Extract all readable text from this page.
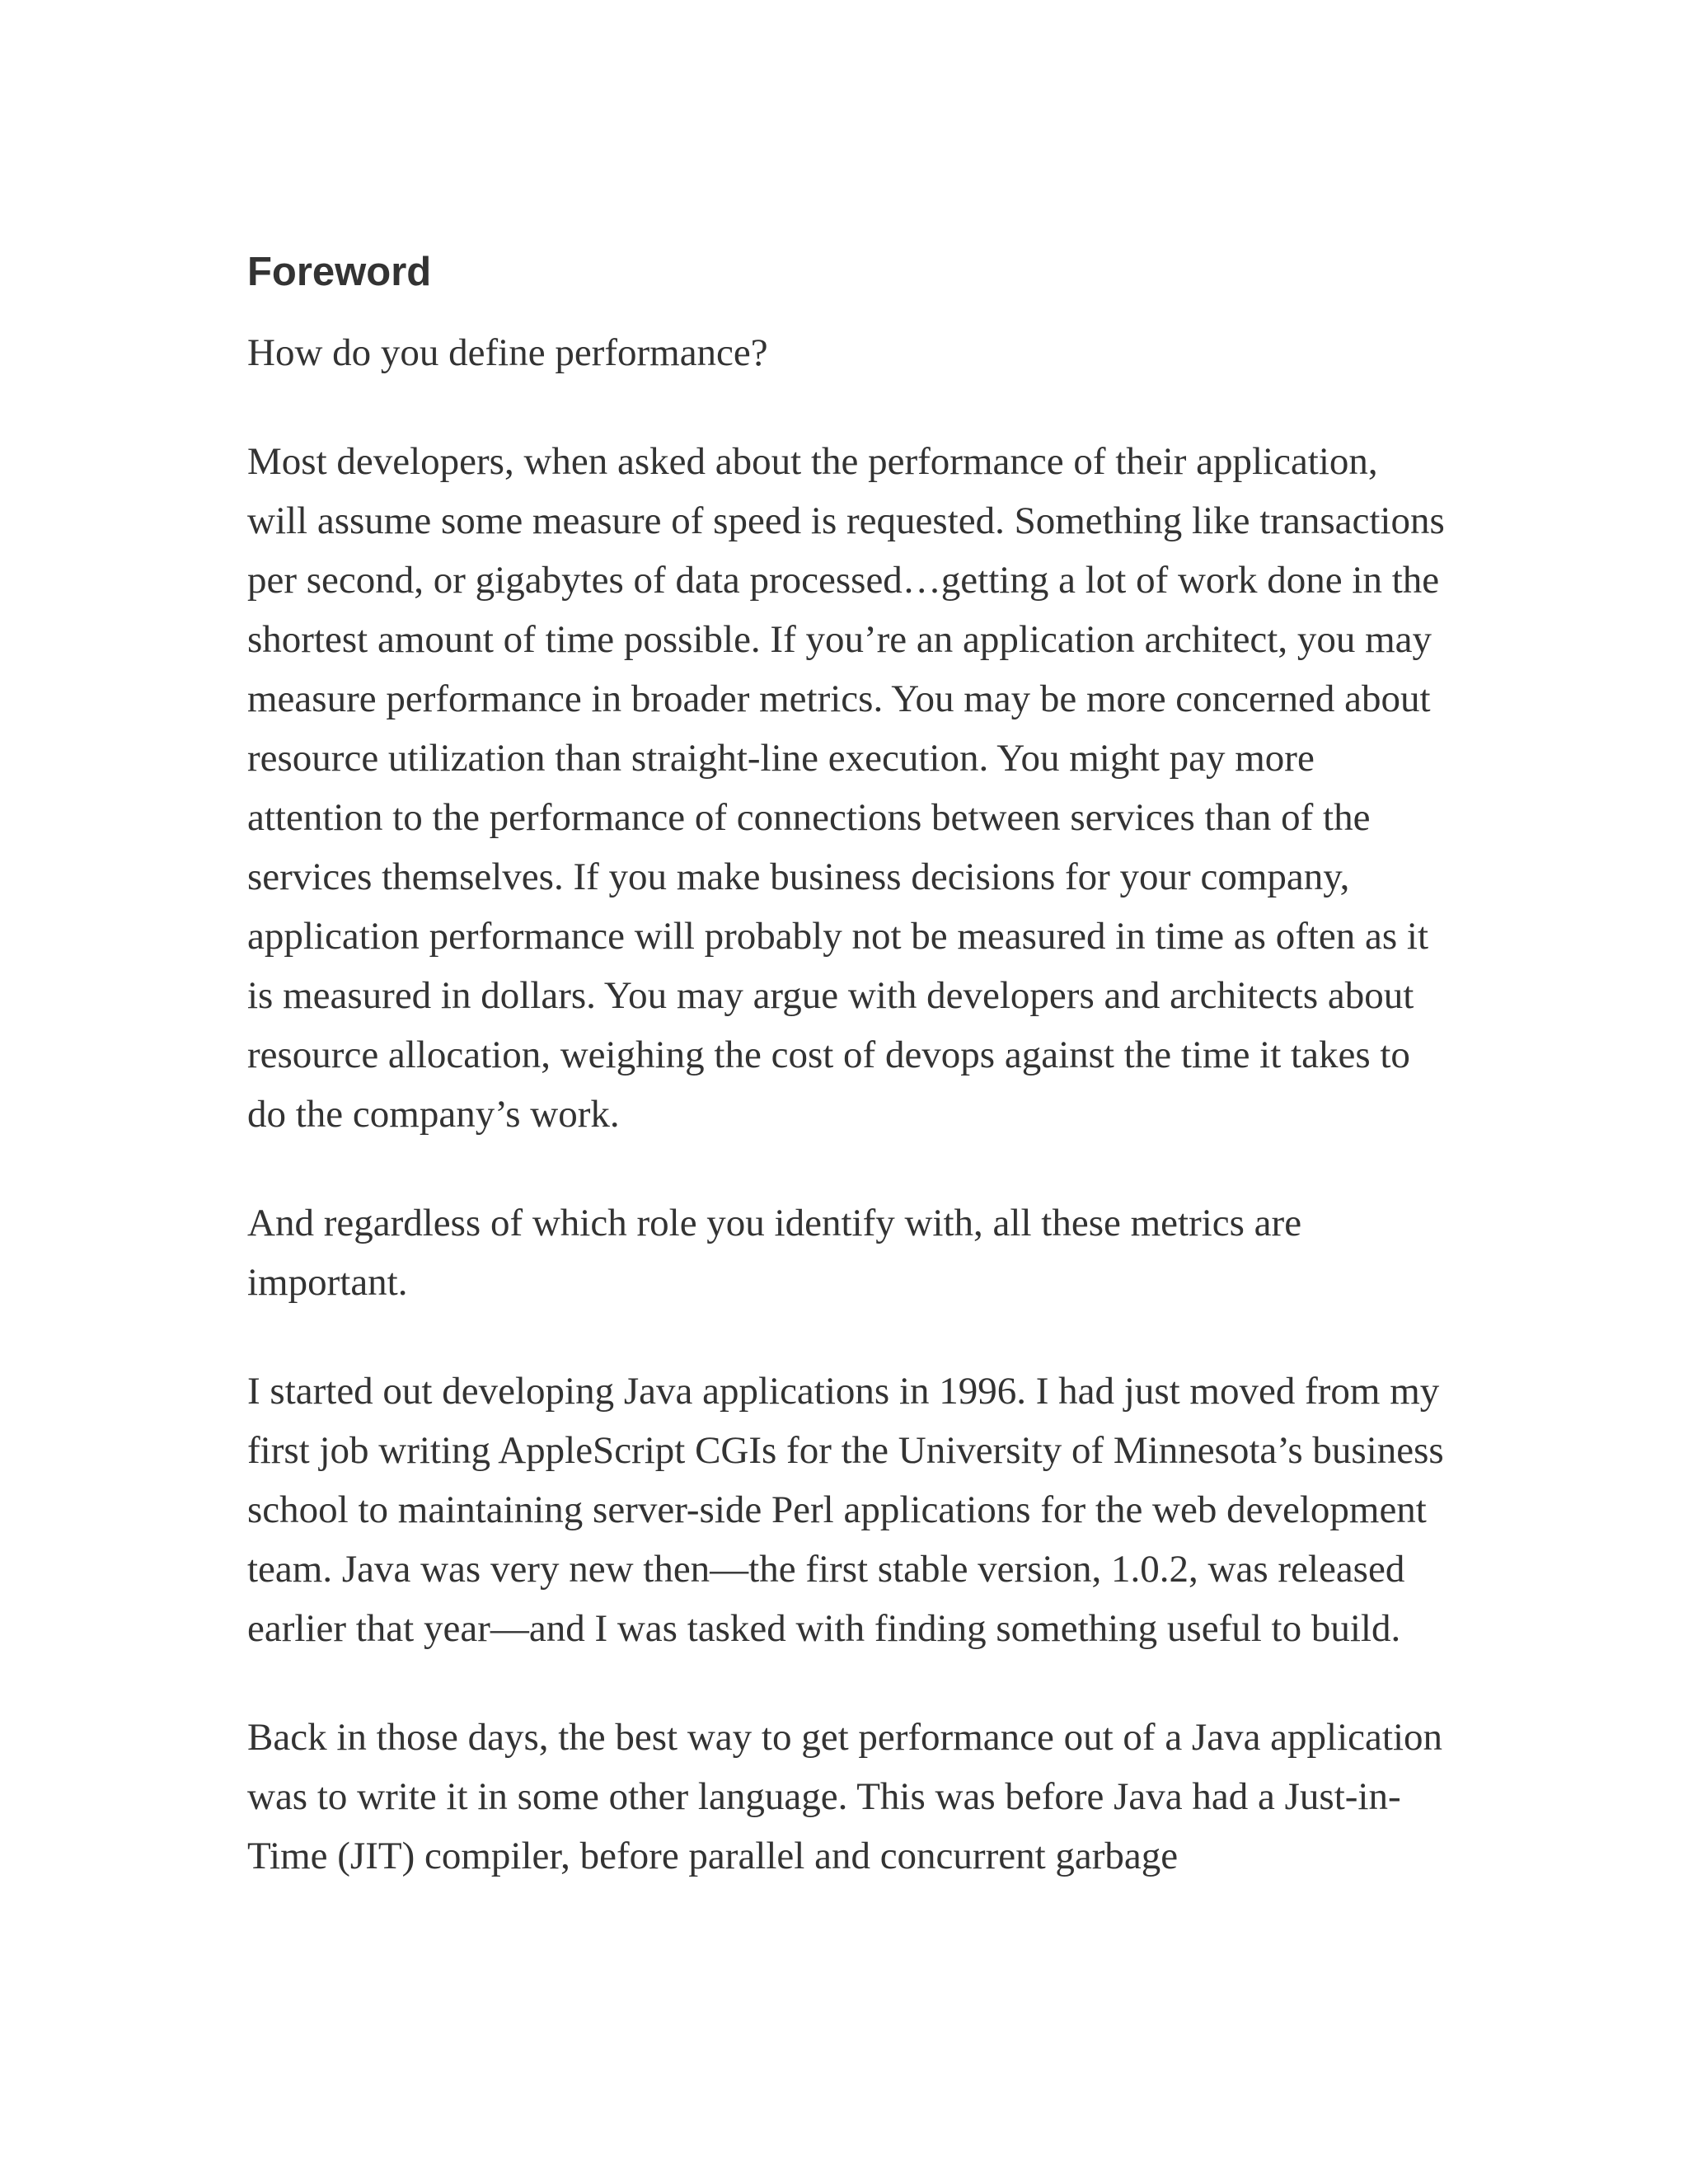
Foreword

How do you define performance?

Most developers, when asked about the performance of their application, will assume some measure of speed is requested. Something like transactions per second, or gigabytes of data processed…getting a lot of work done in the shortest amount of time possible. If you’re an application architect, you may measure performance in broader metrics. You may be more concerned about resource utilization than straight-line execution. You might pay more attention to the performance of connections between services than of the services themselves. If you make business decisions for your company, application performance will probably not be measured in time as often as it is measured in dollars. You may argue with developers and architects about resource allocation, weighing the cost of devops against the time it takes to do the company’s work.

And regardless of which role you identify with, all these metrics are important.

I started out developing Java applications in 1996. I had just moved from my first job writing AppleScript CGIs for the University of Minnesota’s business school to maintaining server-side Perl applications for the web development team. Java was very new then—the first stable version, 1.0.2, was released earlier that year—and I was tasked with finding something useful to build.

Back in those days, the best way to get performance out of a Java application was to write it in some other language. This was before Java had a Just-in-Time (JIT) compiler, before parallel and concurrent garbage
